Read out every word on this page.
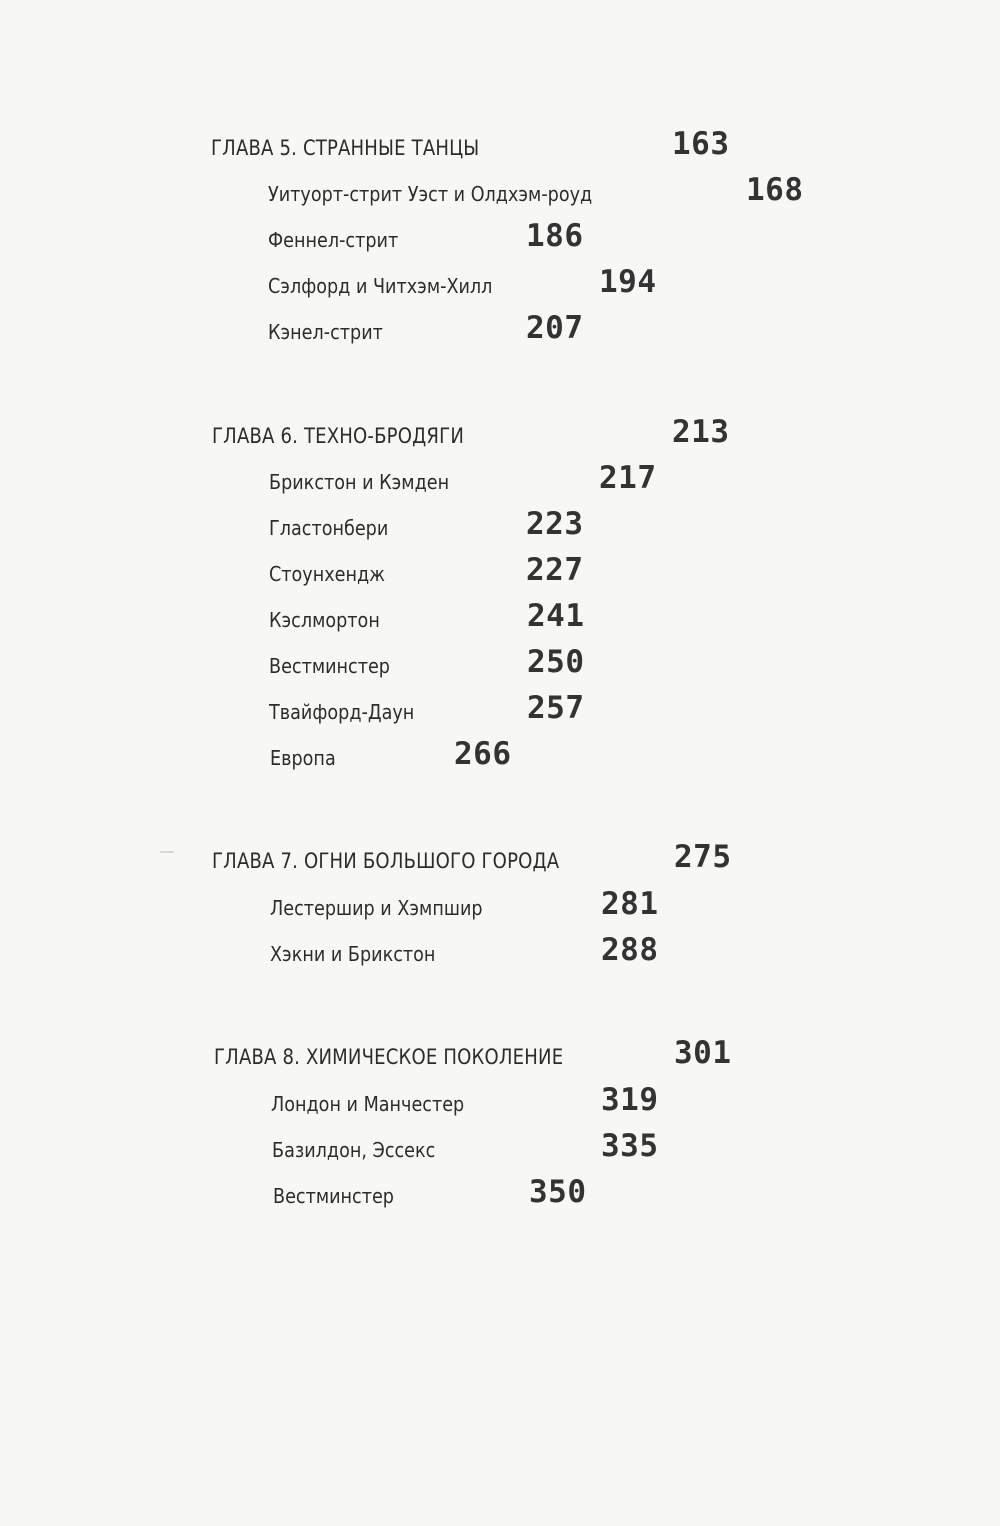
ГЛАВА 5. СТРАННЫЕ ТАНЦЫ	163
Уитуорт-стрит Уэст и Олдхэм-роуд	168
Феннел-стрит	186
Сэлфорд и Читхэм-Хилл	194
Кэнел-стрит	207
ГЛАВА 6. ТЕХНО-БРОДЯГИ	213
Брикстон и Кэмден	217
Гластонбери	223
Стоунхендж	227
Кэслмортон	241
Вестминстер	250
Твайфорд-Даун	257
Европа	266
ГЛАВА 7. ОГНИ БОЛЬШОГО ГОРОДА	275
Лестершир и Хэмпшир	281
Хэкни и Брикстон	288
ГЛАВА 8. ХИМИЧЕСКОЕ ПОКОЛЕНИЕ	301
Лондон и Манчестер	319
Базилдон, Эссекс	335
Вестминстер	350
